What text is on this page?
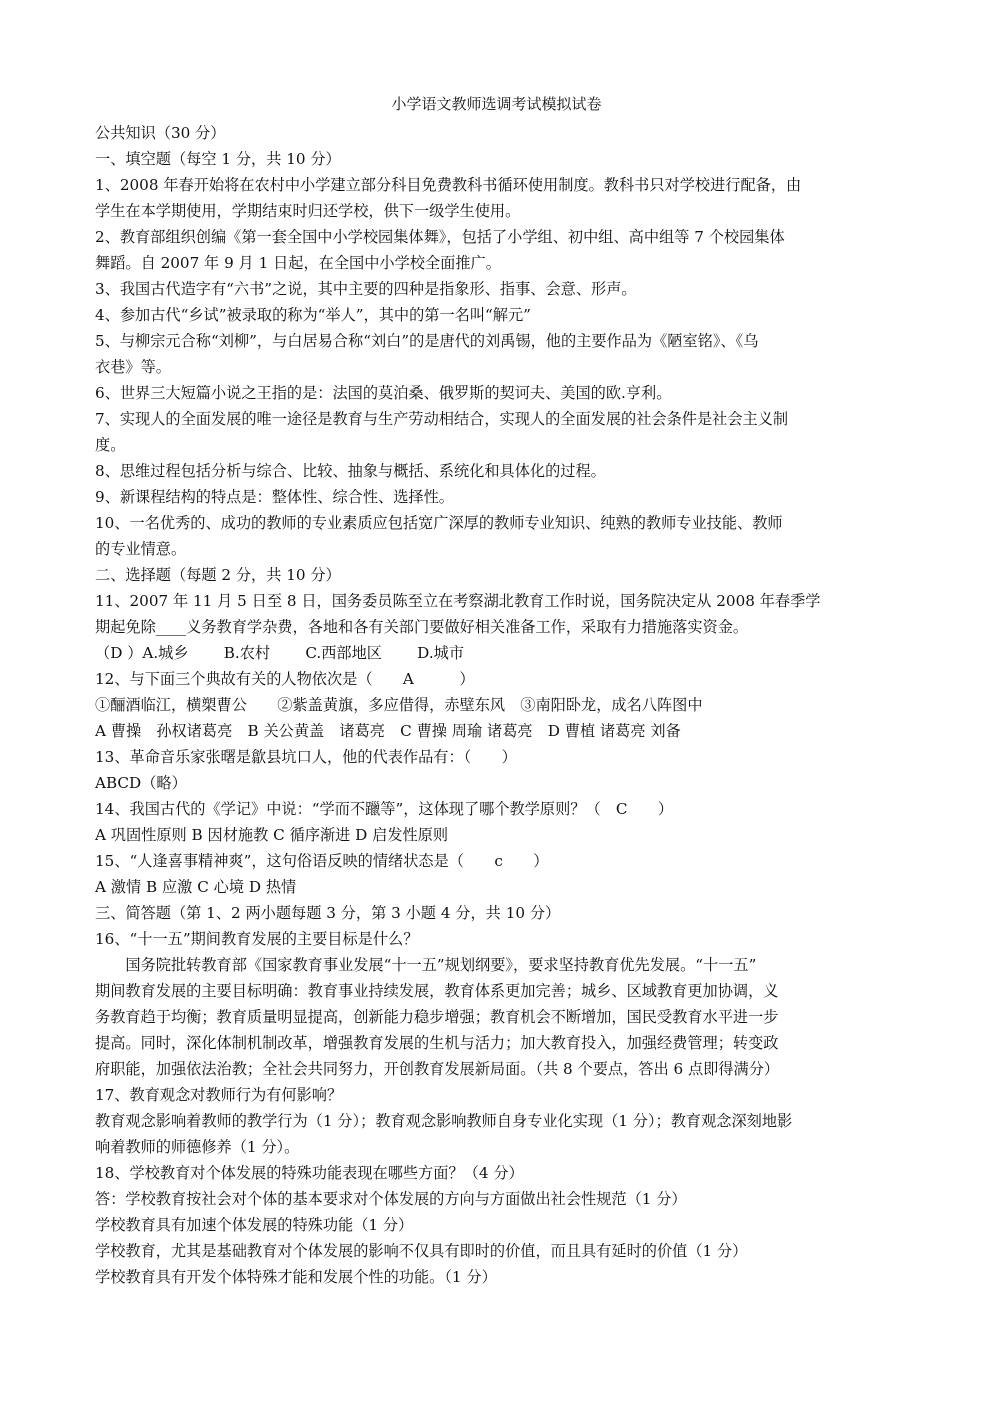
小学语文教师选调考试模拟试卷

公共知识（30 分）

一、填空题（每空 1 分，共 10 分）

1、2008 年春开始将在农村中小学建立部分科目免费教科书循环使用制度。教科书只对学校进行配备，由

学生在本学期使用，学期结束时归还学校，供下一级学生使用。

2、教育部组织创编《第一套全国中小学校园集体舞》，包括了小学组、初中组、高中组等 7 个校园集体

舞蹈。自 2007 年 9 月 1 日起，在全国中小学校全面推广。

3、我国古代造字有“六书”之说，其中主要的四种是指象形、指事、会意、形声。

4、参加古代“乡试”被录取的称为“举人”，其中的第一名叫“解元”

5、与柳宗元合称“刘柳”，与白居易合称“刘白”的是唐代的刘禹锡，他的主要作品为《陋室铭》、《乌

衣巷》等。

6、世界三大短篇小说之王指的是：法国的莫泊桑、俄罗斯的契诃夫、美国的欧.亨利。

7、实现人的全面发展的唯一途径是教育与生产劳动相结合，实现人的全面发展的社会条件是社会主义制

度。

8、思维过程包括分析与综合、比较、抽象与概括、系统化和具体化的过程。

9、新课程结构的特点是：整体性、综合性、选择性。

10、一名优秀的、成功的教师的专业素质应包括宽广深厚的教师专业知识、纯熟的教师专业技能、教师

的专业情意。

二、选择题（每题 2 分，共 10 分）

11、2007 年 11 月 5 日至 8 日，国务委员陈至立在考察湖北教育工作时说，国务院决定从 2008 年春季学

期起免除____义务教育学杂费，各地和各有关部门要做好相关准备工作，采取有力措施落实资金。

（D ）A.城乡　　 B.农村　　 C.西部地区　　 D.城市

12、与下面三个典故有关的人物依次是（　　A　　　）

①酾酒临江，横槊曹公　　②紫盖黄旗，多应借得，赤壁东风　③南阳卧龙，成名八阵图中

A 曹操　孙权诸葛亮　B 关公黄盖　诸葛亮　C 曹操 周瑜 诸葛亮　D 曹植 诸葛亮 刘备

13、革命音乐家张曙是歙县坑口人，他的代表作品有：（　　）

ABCD（略）

14、我国古代的《学记》中说：“学而不躐等”，这体现了哪个教学原则？（　C　　）

A 巩固性原则 B 因材施教 C 循序渐进 D 启发性原则

15、“人逢喜事精神爽”，这句俗语反映的情绪状态是（　　c　　）

A 激情 B 应激 C 心境 D 热情

三、简答题（第 1、2 两小题每题 3 分，第 3 小题 4 分，共 10 分）

16、“十一五”期间教育发展的主要目标是什么？

国务院批转教育部《国家教育事业发展“十一五”规划纲要》，要求坚持教育优先发展。“十一五”

期间教育发展的主要目标明确：教育事业持续发展，教育体系更加完善；城乡、区域教育更加协调，义

务教育趋于均衡；教育质量明显提高，创新能力稳步增强；教育机会不断增加，国民受教育水平进一步

提高。同时，深化体制机制改革，增强教育发展的生机与活力；加大教育投入，加强经费管理；转变政

府职能，加强依法治教；全社会共同努力，开创教育发展新局面。（共 8 个要点，答出 6 点即得满分）

17、教育观念对教师行为有何影响？

教育观念影响着教师的教学行为（1 分）；教育观念影响教师自身专业化实现（1 分）；教育观念深刻地影

响着教师的师德修养（1 分）。

18、学校教育对个体发展的特殊功能表现在哪些方面？（4 分）

答：学校教育按社会对个体的基本要求对个体发展的方向与方面做出社会性规范（1 分）

学校教育具有加速个体发展的特殊功能（1 分）

学校教育，尤其是基础教育对个体发展的影响不仅具有即时的价值，而且具有延时的价值（1 分）

学校教育具有开发个体特殊才能和发展个性的功能。（1 分）
